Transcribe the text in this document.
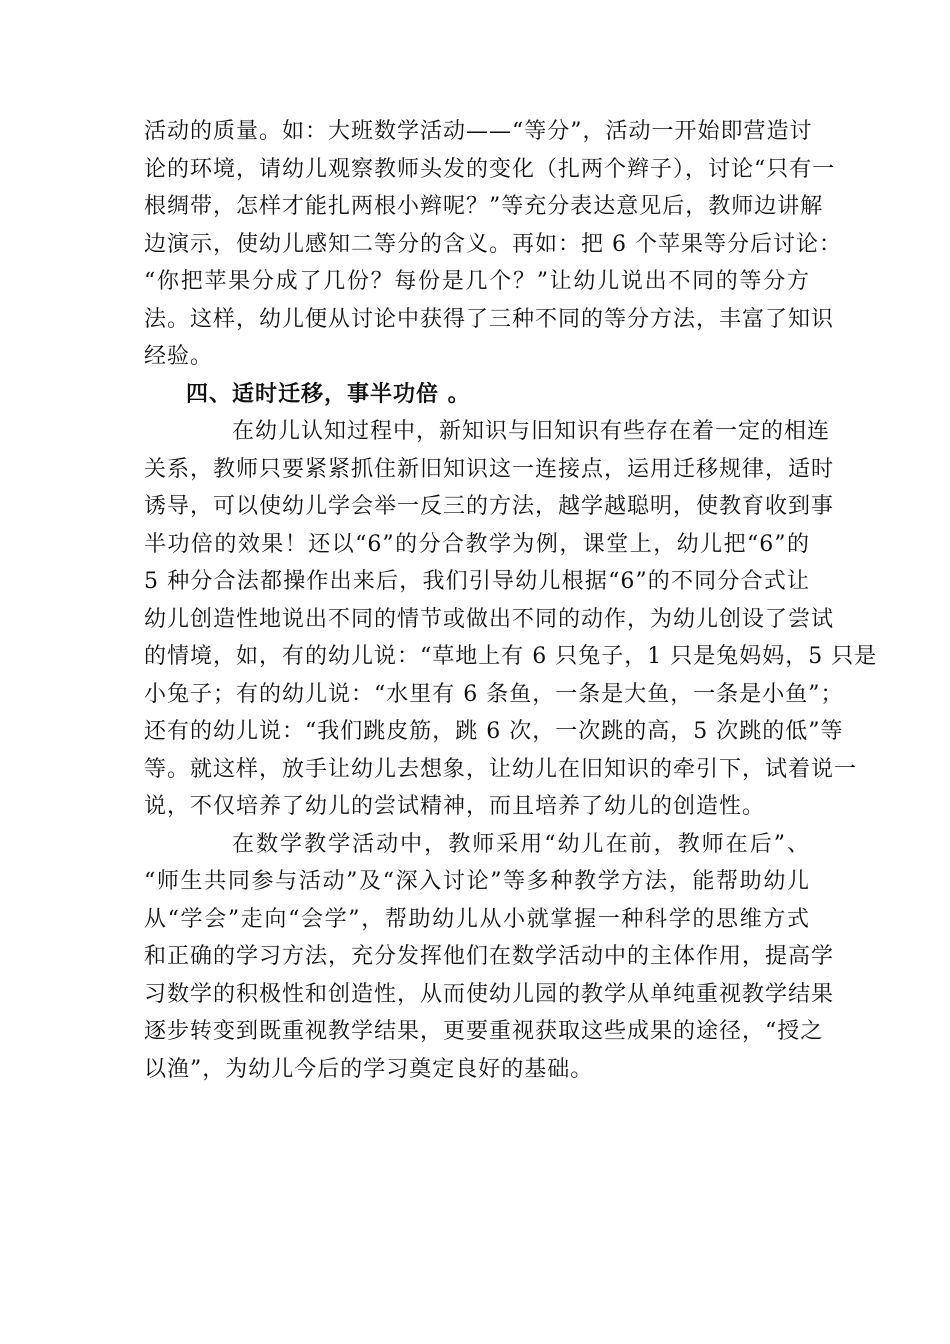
活动的质量。如：大班数学活动——“等分”，活动一开始即营造讨
论的环境，请幼儿观察教师头发的变化（扎两个辫子），讨论“只有一
根绸带，怎样才能扎两根小辫呢？”等充分表达意见后，教师边讲解
边演示，使幼儿感知二等分的含义。再如：把 6 个苹果等分后讨论：
“你把苹果分成了几份？每份是几个？”让幼儿说出不同的等分方
法。这样，幼儿便从讨论中获得了三种不同的等分方法，丰富了知识
经验。
四、适时迁移，事半功倍 。
在幼儿认知过程中，新知识与旧知识有些存在着一定的相连
关系，教师只要紧紧抓住新旧知识这一连接点，运用迁移规律，适时
诱导，可以使幼儿学会举一反三的方法，越学越聪明，使教育收到事
半功倍的效果！还以“6”的分合教学为例，课堂上，幼儿把“6”的
5 种分合法都操作出来后，我们引导幼儿根据“6”的不同分合式让
幼儿创造性地说出不同的情节或做出不同的动作，为幼儿创设了尝试
的情境，如，有的幼儿说：“草地上有 6 只兔子，1 只是兔妈妈，5 只是
小兔子；有的幼儿说：“水里有 6 条鱼，一条是大鱼，一条是小鱼”；
还有的幼儿说：“我们跳皮筋，跳 6 次，一次跳的高，5 次跳的低”等
等。就这样，放手让幼儿去想象，让幼儿在旧知识的牵引下，试着说一
说，不仅培养了幼儿的尝试精神，而且培养了幼儿的创造性。
在数学教学活动中，教师采用“幼儿在前，教师在后”、
“师生共同参与活动”及“深入讨论”等多种教学方法，能帮助幼儿
从“学会”走向“会学”，帮助幼儿从小就掌握一种科学的思维方式
和正确的学习方法，充分发挥他们在数学活动中的主体作用，提高学
习数学的积极性和创造性，从而使幼儿园的教学从单纯重视教学结果
逐步转变到既重视教学结果，更要重视获取这些成果的途径，“授之
以渔”，为幼儿今后的学习奠定良好的基础。
